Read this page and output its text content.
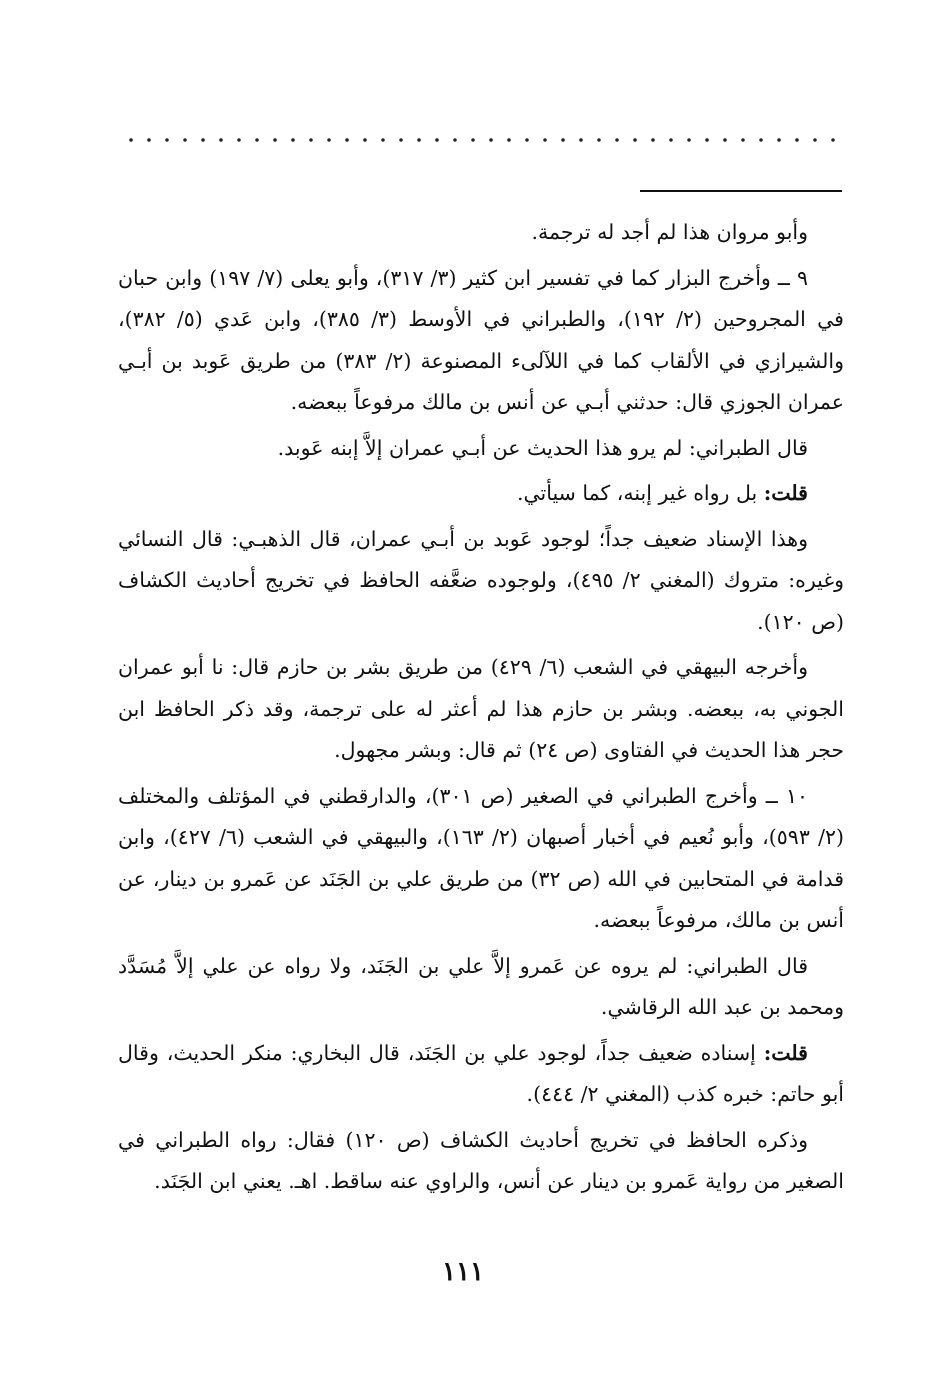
وأبو مروان هذا لم أجد له ترجمة.

٩ ــ وأخرج البزار كما في تفسير ابن كثير (٣/ ٣١٧)، وأبو يعلى (٧/ ١٩٧) وابن حبان في المجروحين (٢/ ١٩٢)، والطبراني في الأوسط (٣/ ٣٨٥)، وابن عَدي (٥/ ٣٨٢)، والشيرازي في الألقاب كما في اللآلىء المصنوعة (٢/ ٣٨٣) من طريق عَوبد بن أبـي عمران الجوزي قال: حدثني أبـي عن أنس بن مالك مرفوعاً ببعضه.

قال الطبراني: لم يرو هذا الحديث عن أبـي عمران إلاَّ إبنه عَوبد.

قلت: بل رواه غير إبنه، كما سيأتي.

وهذا الإسناد ضعيف جداً؛ لوجود عَوبد بن أبـي عمران، قال الذهبـي: قال النسائي وغيره: متروك (المغني ٢/ ٤٩٥)، ولوجوده ضعَّفه الحافظ في تخريج أحاديث الكشاف (ص ١٢٠).

وأخرجه البيهقي في الشعب (٦/ ٤٢٩) من طريق بشر بن حازم قال: نا أبو عمران الجوني به، ببعضه. وبشر بن حازم هذا لم أعثر له على ترجمة، وقد ذكر الحافظ ابن حجر هذا الحديث في الفتاوى (ص ٢٤) ثم قال: وبشر مجهول.

١٠ ــ وأخرج الطبراني في الصغير (ص ٣٠١)، والدارقطني في المؤتلف والمختلف (٢/ ٥٩٣)، وأبو نُعيم في أخبار أصبهان (٢/ ١٦٣)، والبيهقي في الشعب (٦/ ٤٢٧)، وابن قدامة في المتحابين في الله (ص ٣٢) من طريق علي بن الجَنَد عن عَمرو بن دينار، عن أنس بن مالك، مرفوعاً ببعضه.

قال الطبراني: لم يروه عن عَمرو إلاَّ علي بن الجَنَد، ولا رواه عن علي إلاَّ مُسَدَّد ومحمد بن عبد الله الرقاشي.

قلت: إسناده ضعيف جداً، لوجود علي بن الجَنَد، قال البخاري: منكر الحديث، وقال أبو حاتم: خبره كذب (المغني ٢/ ٤٤٤).

وذكره الحافظ في تخريج أحاديث الكشاف (ص ١٢٠) فقال: رواه الطبراني في الصغير من رواية عَمرو بن دينار عن أنس، والراوي عنه ساقط. اهـ. يعني ابن الجَنَد.

١١١
